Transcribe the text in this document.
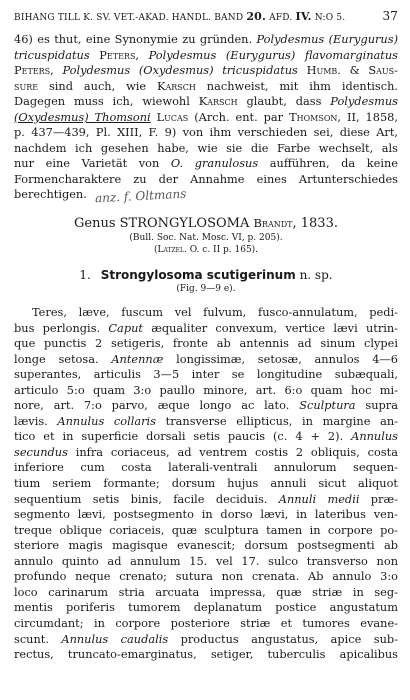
BIHANG TILL K. SV. VET.-AKAD. HANDL. BAND 20. AFD. IV. N:O 5.	37
46) es thut, eine Synonymie zu gründen. Polydesmus (Eurygurus)
tricuspidatus Peters, Polydesmus (Eurygurus) flavomarginatus
Peters, Polydesmus (Oxydesmus) tricuspidatus Humb. & Saus-
sure sind auch, wie Karsch nachweist, mit ihm identisch.
Dagegen muss ich, wiewohl Karsch glaubt, dass Polydesmus
(Oxydesmus) Thomsoni Lucas (Arch. ent. par Thomson, II, 1858,
p. 437—439, Pl. XIII, F. 9) von ihm verschieden sei, diese Art,
nachdem ich gesehen habe, wie sie die Farbe wechselt, als
nur eine Varietät von O. granulosus aufführen, da keine
Formencharaktere zu der Annahme eines Artunterschiedes
berechtigen. anz. f. Oltmans
Genus STRONGYLOSOMA Brandt, 1833.
(Bull. Soc. Nat. Mosc. VI, p. 205).
(Latzel. O. c. II p. 165).
1. Strongylosoma scutigerinum n. sp.
(Fig. 9—9 e).
Teres, læve, fuscum vel fulvum, fusco-annulatum, pedi-
bus perlongis. Caput æqualiter convexum, vertice lævi utrin-
que punctis 2 setigeris, fronte ab antennis ad sinum clypei
longe setosa. Antennæ longissimæ, setosæ, annulos 4—6
superantes, articulis 3—5 inter se longitudine subæquali,
articulo 5:o quam 3:o paullo minore, art. 6:o quam hoc mi-
nore, art. 7:o parvo, æque longo ac lato. Sculptura supra
lævis. Annulus collaris transverse ellipticus, in margine an-
tico et in superficie dorsali setis paucis (c. 4 + 2). Annulus
secundus infra coriaceus, ad ventrem costis 2 obliquis, costa
inferiore cum costa laterali-ventrali annulorum sequen-
tium seriem formante; dorsum hujus annuli sicut aliquot
sequentium setis binis, facile deciduis. Annuli medii præ-
segmento lævi, postsegmento in dorso lævi, in lateribus ven-
treque oblique coriaceis, quæ sculptura tamen in corpore po-
steriore magis magisque evanescit; dorsum postsegmenti ab
annulo quinto ad annulum 15. vel 17. sulco transverso non
profundo neque crenato; sutura non crenata. Ab annulo 3:o
loco carinarum stria arcuata impressa, quæ striæ in seg-
mentis poriferis tumorem deplanatum postice angustatum
circumdant; in corpore posteriore striæ et tumores evane-
scunt. Annulus caudalis productus angustatus, apice sub-
rectus, truncato-emarginatus, setiger, tuberculis apicalibus
